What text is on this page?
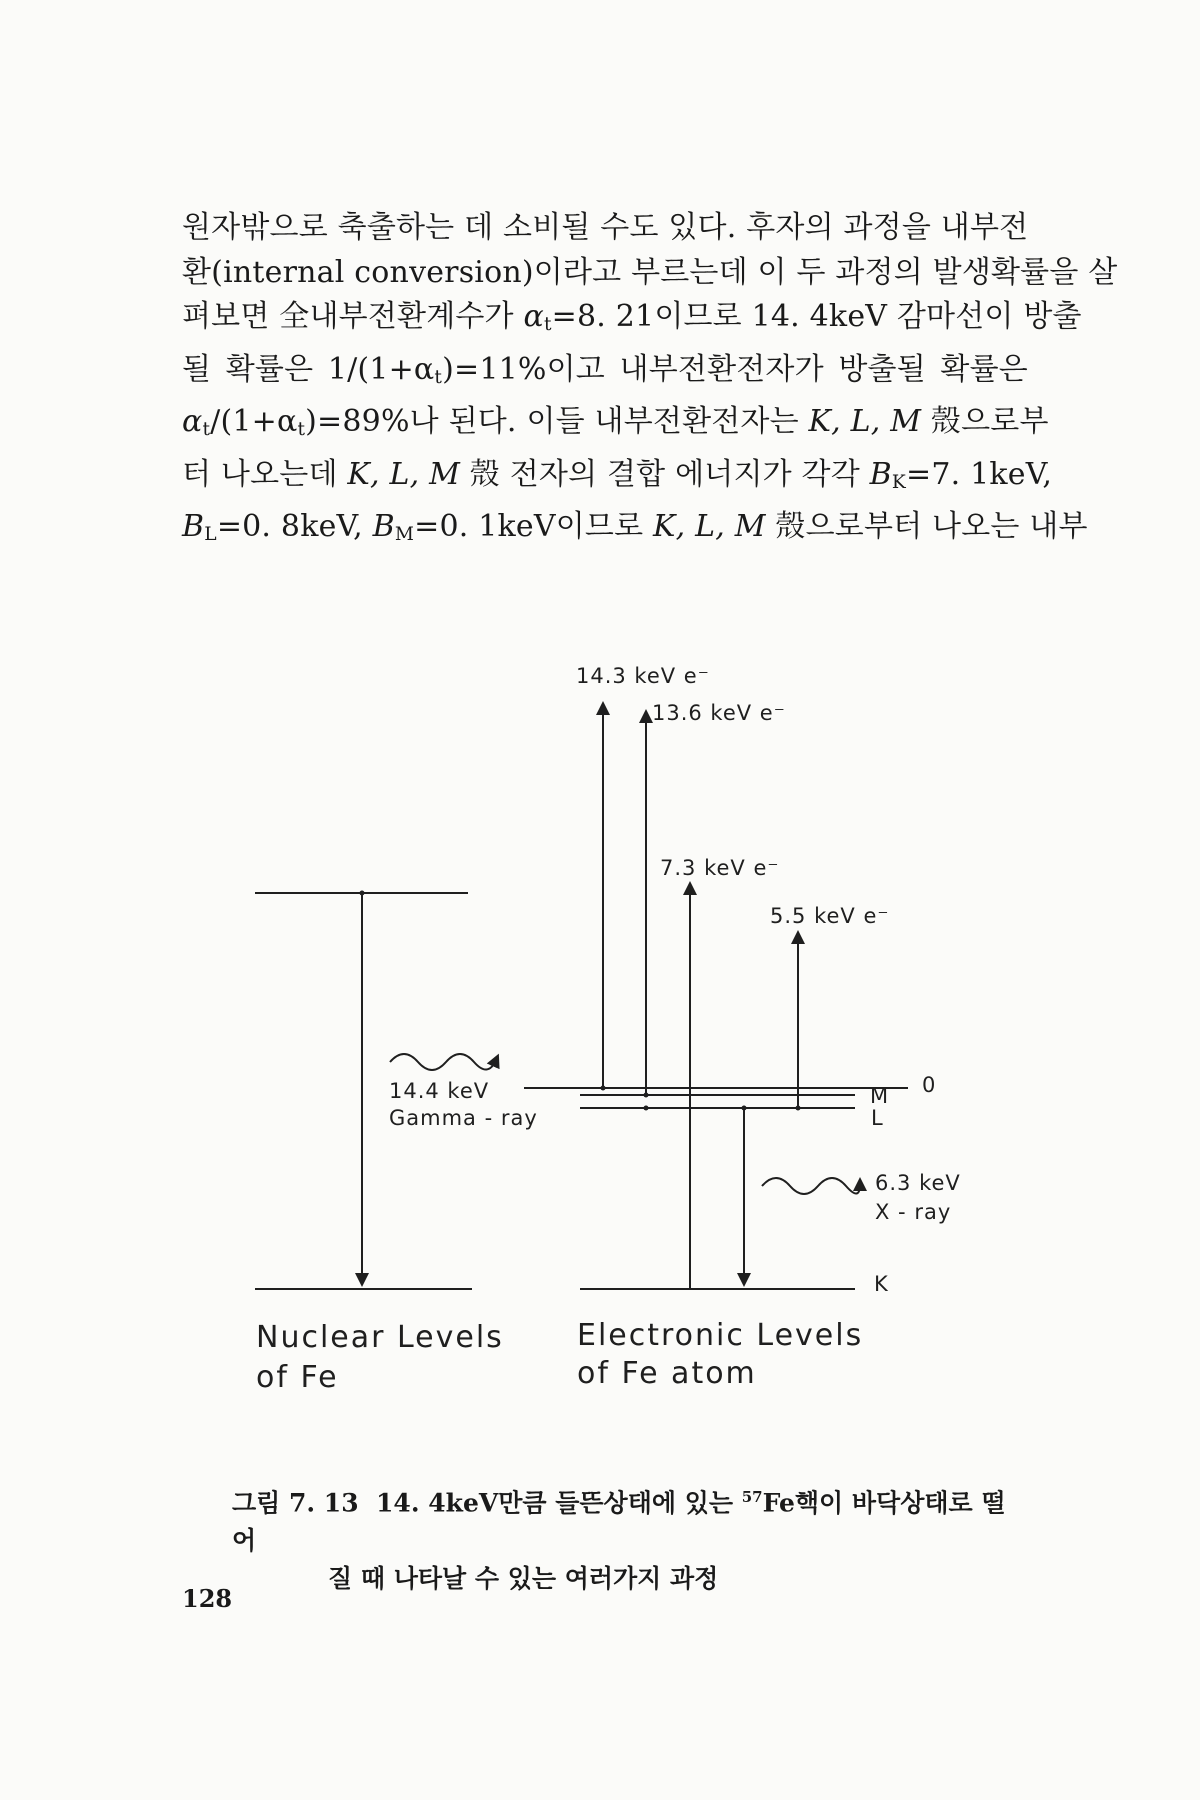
원자밖으로 축출하는 데 소비될 수도 있다. 후자의 과정을 내부전
환(internal conversion)이라고 부르는데 이 두 과정의 발생확률을 살
펴보면 全내부전환계수가 $\alpha_t=8$. 21이므로 14. 4keV 감마선이 방출
될 확률은 $1/(1+\alpha_t)=11\%$이고 내부전환전자가 방출될 확률은
$\alpha_t/(1+\alpha_t)=89\%$나 된다. 이들 내부전환전자는 K, L, M 殼으로부
터 나오는데 K, L, M 殼 전자의 결합 에너지가 각각 $B_K=7$. 1keV,
$B_L=0$. 8keV, $B_M=0$. 1keV이므로 K, L, M 殼으로부터 나오는 내부
14.3 keV e⁻
13.6 keV e⁻
7.3 keV e⁻
5.5 keV e⁻
14.4 keV
Gamma - ray
6.3 keV
X - ray
0
M
L
K
Nuclear Levels
of Fe
Electronic Levels
of Fe atom
그림 7. 13 14. 4keV만큼 들뜬상태에 있는 $^{57}$Fe핵이 바닥상태로 떨어
질 때 나타날 수 있는 여러가지 과정
128
